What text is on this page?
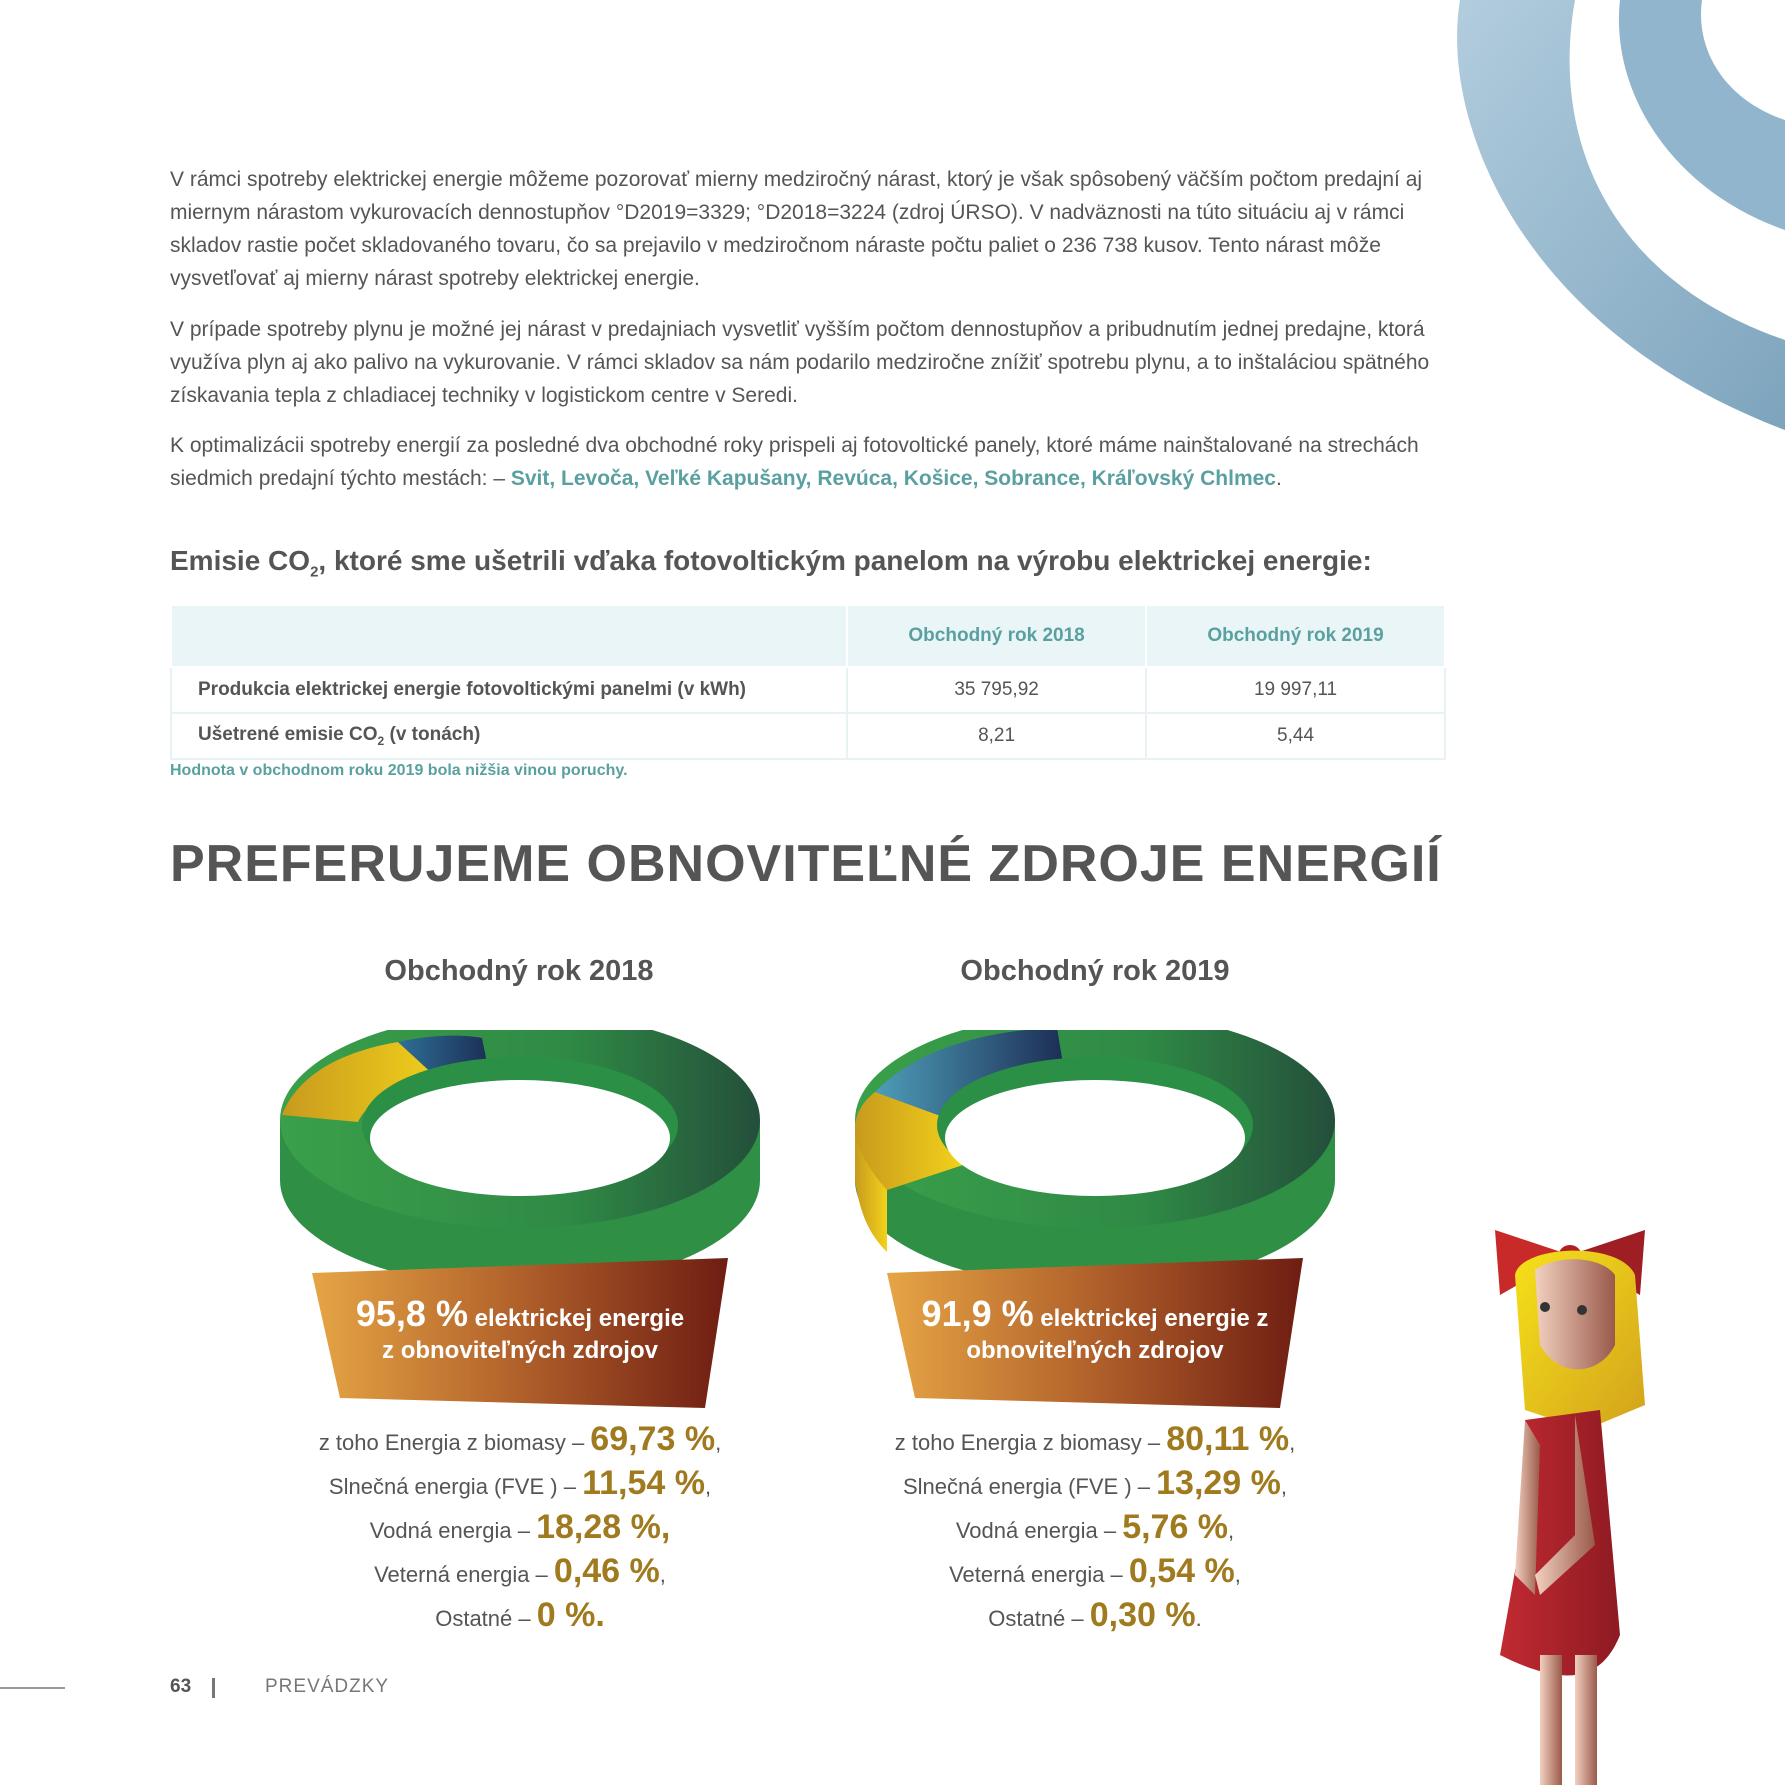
V rámci spotreby elektrickej energie môžeme pozorovať mierny medziročný nárast, ktorý je však spôsobený väčším počtom predajní aj miernym nárastom vykurovacích dennostupňov °D2019=3329; °D2018=3224 (zdroj ÚRSO). V nadväznosti na túto situáciu aj v rámci skladov rastie počet skladovaného tovaru, čo sa prejavilo v medziročnom náraste počtu paliet o 236 738 kusov. Tento nárast môže vysvetľovať aj mierny nárast spotreby elektrickej energie.

V prípade spotreby plynu je možné jej nárast v predajniach vysvetliť vyšším počtom dennostupňov a pribudnutím jednej predajne, ktorá využíva plyn aj ako palivo na vykurovanie. V rámci skladov sa nám podarilo medziročne znížiť spotrebu plynu, a to inštaláciou spätného získavania tepla z chladiacej techniky v logistickom centre v Seredi.

K optimalizácii spotreby energií za posledné dva obchodné roky prispeli aj fotovoltické panely, ktoré máme nainštalované na strechách siedmich predajní týchto mestách: – Svit, Levoča, Veľké Kapušany, Revúca, Košice, Sobrance, Kráľovský Chlmec.

Emisie $CO_2$, ktoré sme ušetrili vďaka fotovoltickým panelom na výrobu elektrickej energie:
	Obchodný rok 2018	Obchodný rok 2019
Produkcia elektrickej energie fotovoltickými panelmi (v kWh)	35 795,92	19 997,11
Ušetrené emisie $CO_2$ (v tonách)	8,21	5,44
Hodnota v obchodnom roku 2019 bola nižšia vinou poruchy.
PREFERUJEME OBNOVITEĽNÉ ZDROJE ENERGIÍ
Obchodný rok 2018	Obchodný rok 2019
95,8 % elektrickej energie
z obnoviteľných zdrojov
91,9 % elektrickej energie z
obnoviteľných zdrojov
z toho Energia z biomasy – 69,73 %,
Slnečná energia (FVE ) – 11,54 %,
Vodná energia – 18,28 %,
Veterná energia – 0,46 %,
Ostatné – 0 %.
z toho Energia z biomasy – 80,11 %,
Slnečná energia (FVE ) – 13,29 %,
Vodná energia – 5,76 %,
Veterná energia – 0,54 %,
Ostatné – 0,30 %.
63	PREVÁDZKY
